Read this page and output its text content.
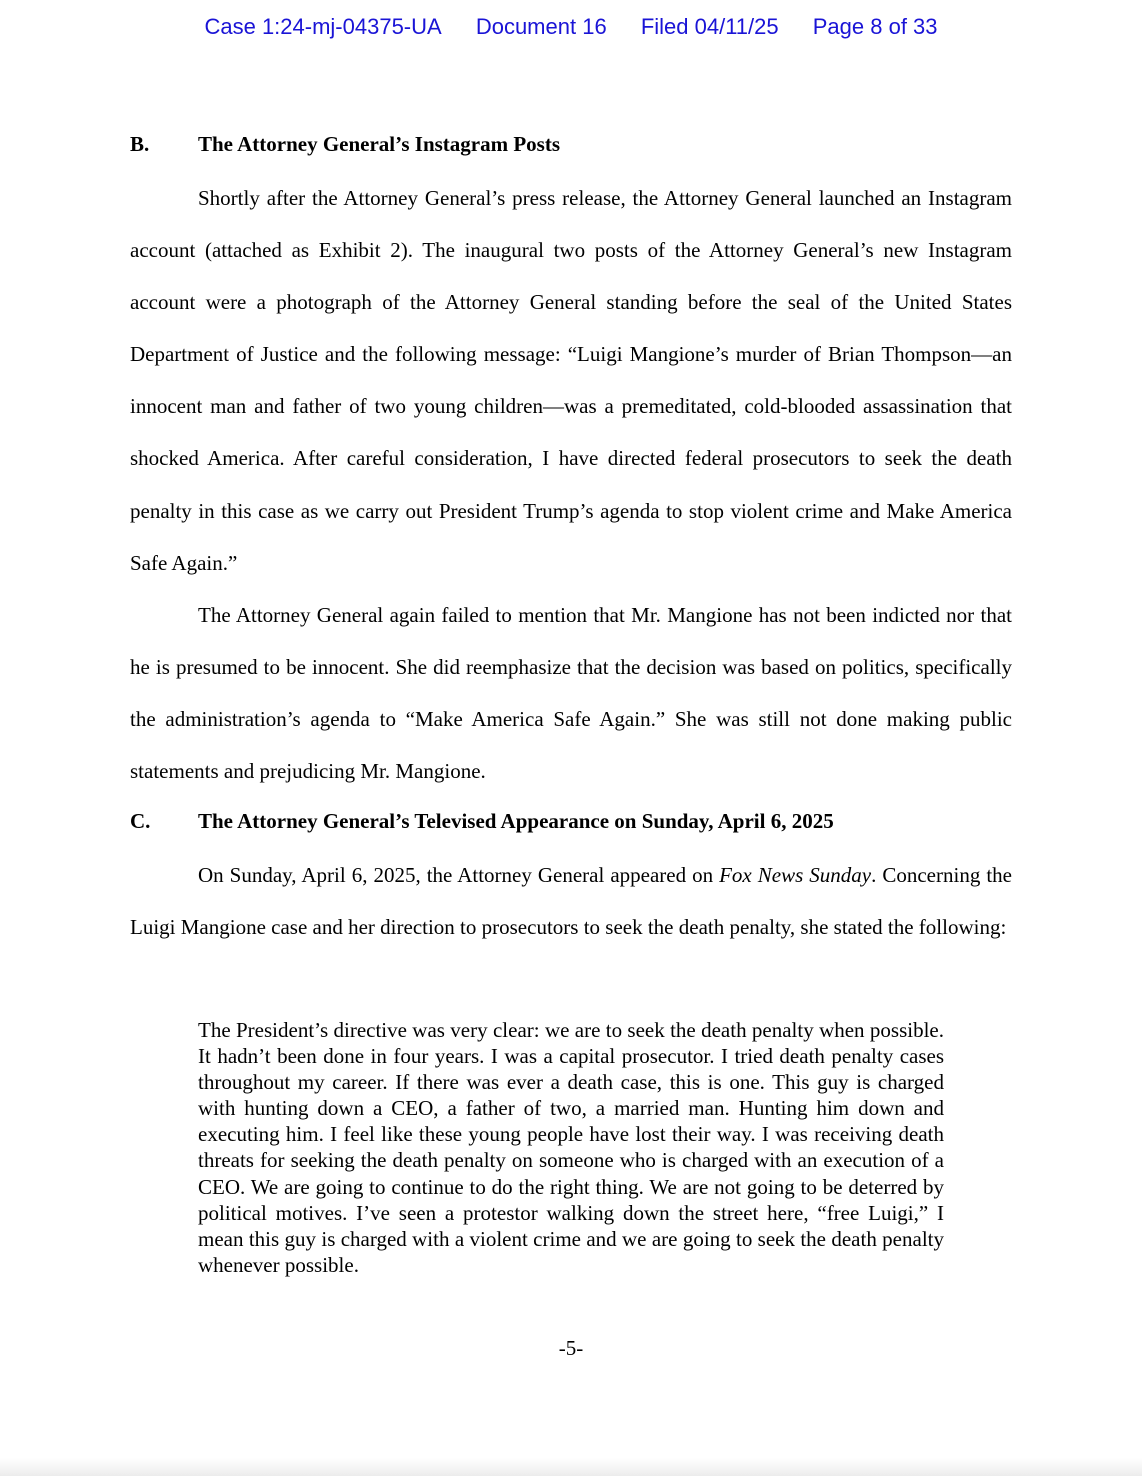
Case 1:24-mj-04375-UA Document 16 Filed 04/11/25 Page 8 of 33
B. The Attorney General’s Instagram Posts

Shortly after the Attorney General’s press release, the Attorney General launched an Instagram account (attached as Exhibit 2). The inaugural two posts of the Attorney General’s new Instagram account were a photograph of the Attorney General standing before the seal of the United States Department of Justice and the following message: “Luigi Mangione’s murder of Brian Thompson—an innocent man and father of two young children—was a premeditated, cold-blooded assassination that shocked America. After careful consideration, I have directed federal prosecutors to seek the death penalty in this case as we carry out President Trump’s agenda to stop violent crime and Make America Safe Again.”

The Attorney General again failed to mention that Mr. Mangione has not been indicted nor that he is presumed to be innocent. She did reemphasize that the decision was based on politics, specifically the administration’s agenda to “Make America Safe Again.” She was still not done making public statements and prejudicing Mr. Mangione.

C. The Attorney General’s Televised Appearance on Sunday, April 6, 2025

On Sunday, April 6, 2025, the Attorney General appeared on Fox News Sunday. Concerning the Luigi Mangione case and her direction to prosecutors to seek the death penalty, she stated the following:

The President’s directive was very clear: we are to seek the death penalty when possible. It hadn’t been done in four years. I was a capital prosecutor. I tried death penalty cases throughout my career. If there was ever a death case, this is one. This guy is charged with hunting down a CEO, a father of two, a married man. Hunting him down and executing him. I feel like these young people have lost their way. I was receiving death threats for seeking the death penalty on someone who is charged with an execution of a CEO. We are going to continue to do the right thing. We are not going to be deterred by political motives. I’ve seen a protestor walking down the street here, “free Luigi,” I mean this guy is charged with a violent crime and we are going to seek the death penalty whenever possible.

-5-
